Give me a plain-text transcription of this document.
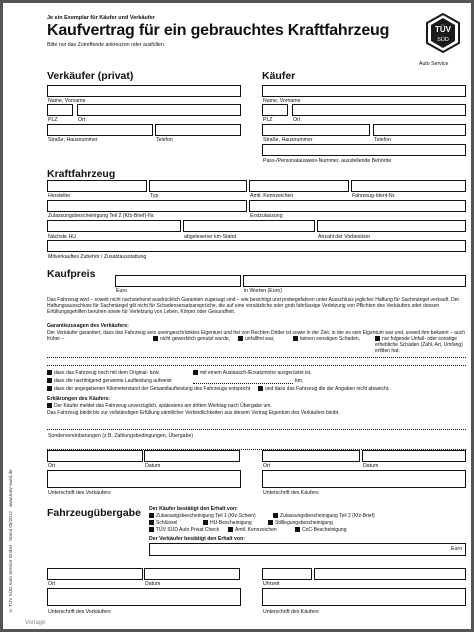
© TÜV SÜD Auto Service GmbH · Stand 05/2012 · www.tuev-sued.de
Je ein Exemplar für Käufer und Verkäufer
Kaufvertrag für ein gebrauchtes Kraftfahrzeug
Bitte nur das Zutreffende ankreuzen oder ausfüllen.
TÜV
SÜD
Auto Service
Verkäufer (privat)
Name, Vorname
PLZ	Ort
Straße, Hausnummer	Telefon
Käufer
Name, Vorname
PLZ	Ort
Straße, Hausnummer	Telefon
Pass-/Personalausweis-Nummer, ausstellende Behörde
Kraftfahrzeug
Hersteller	Typ	Amtl. Kennzeichen	Fahrzeug-Ident-Nr.
Zulassungsbescheinigung Teil 2 (Kfz-Brief)-Nr.	Erstzulassung
Nächste HU	abgelesener km-Stand	Anzahl der Vorbesitzer
Mitverkauftes Zubehör / Zusatzausstattung
Kaufpreis
Euro	in Worten (Euro)
Das Fahrzeug wird – soweit nicht nachstehend ausdrücklich Garantien zugesagt sind – wie besichtigt und probegefahren unter Ausschluss jeglicher Haftung für Sachmängel verkauft. Der Haftungsausschluss für Sachmängel gilt nicht für Schadensersatzansprüche, die auf eine vorsätzliche oder grob fahrlässige Verletzung von Pflichten des Verkäufers oder dessen Erfüllungsgehilfen beruhen sowie für Verletzung von Leben, Körper oder Gesundheit.
Garantiezusagen des Verkäufers:
Der Verkäufer garantiert, dass das Fahrzeug sein uneingeschränktes Eigentum und frei von Rechten Dritter ist sowie in der Zeit, in der es sein Eigentum war und, soweit ihm bekannt – auch früher –	nicht gewerblich genutzt wurde,	unfallfrei war,	keinen sonstigen Schaden,	nur folgende Unfall- oder sonstige erhebliche Schäden (Zahl, Art, Umfang) erlitten hat:
dass das Fahrzeug noch mit dem Original- bzw.	mit einem Austausch-/Ersatzmotor ausgerüstet ist,
dass die nachfolgend genannte Laufleistung aufweist	km,
dass der angegebenen Kilometerstand der Gesamtlaufleistung des Fahrzeugs entspricht	und dass das Fahrzeug die der Angaben nicht abweicht.
Erklärungen des Käufers:
Der Käufer meldet das Fahrzeug unverzüglich, spätestens am dritten Werktag nach Übergabe um.
Das Fahrzeug bleibt bis zur vollständigen Erfüllung sämtlicher Verbindlichkeiten aus diesem Vertrag Eigentum des Verkäufers bleibt.
Sondervereinbarungen (z.B. Zahlungsbedingungen, Übergabe)
Ort	Datum	Ort	Datum
Unterschrift des Verkäufers	Unterschrift des Käufers
Fahrzeugübergabe Der Käufer bestätigt den Erhalt von:
Zulassungsbescheinigung Teil 1 (Kfz-Schein)	Zulassungsbescheinigung Teil 2 (Kfz-Brief)
Schlüssel	HU-Bescheinigung	Stilllegungsbescheinigung
TÜV SÜD Auto Privat Check	Amtl. Kennzeichen	CoC-Bescheinigung
Der Verkäufer bestätigt den Erhalt von:
Euro
Ort	Datum	Uhrzeit
Unterschrift des Verkäufers	Unterschrift des Käufers
Vorlage
